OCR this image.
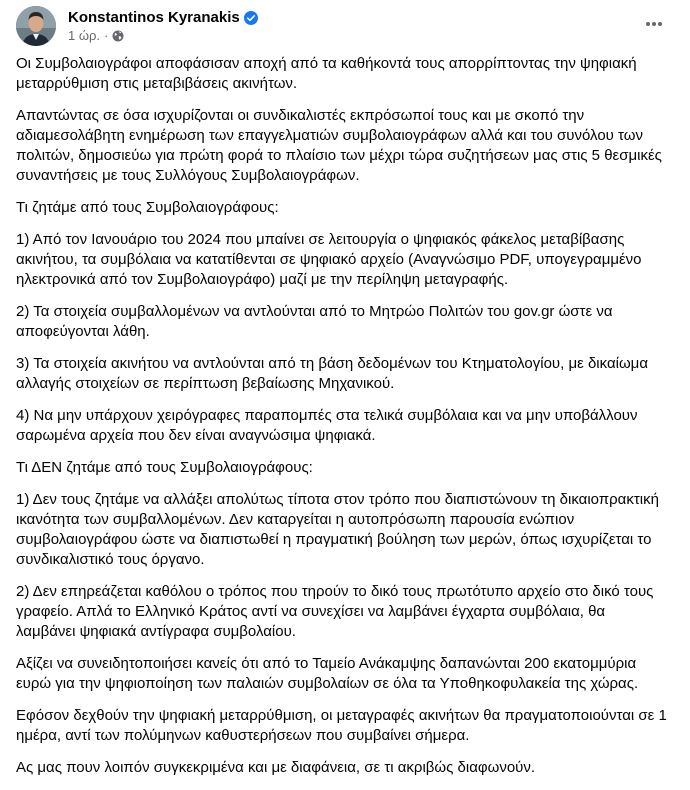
Konstantinos Kyranakis
1 ώρ. ·

Οι Συμβολαιογράφοι αποφάσισαν αποχή από τα καθήκοντά τους απορρίπτοντας την ψηφιακή μεταρρύθμιση στις μεταβιβάσεις ακινήτων.

Απαντώντας σε όσα ισχυρίζονται οι συνδικαλιστές εκπρόσωποί τους και με σκοπό την αδιαμεσολάβητη ενημέρωση των επαγγελματιών συμβολαιογράφων αλλά και του συνόλου των πολιτών, δημοσιεύω για πρώτη φορά το πλαίσιο των μέχρι τώρα συζητήσεων μας στις 5 θεσμικές συναντήσεις με τους Συλλόγους Συμβολαιογράφων.

Τι ζητάμε από τους Συμβολαιογράφους:

1) Από τον Ιανουάριο του 2024 που μπαίνει σε λειτουργία ο ψηφιακός φάκελος μεταβίβασης ακινήτου, τα συμβόλαια να κατατίθενται σε ψηφιακό αρχείο (Αναγνώσιμο PDF, υπογεγραμμένο ηλεκτρονικά από τον Συμβολαιογράφο) μαζί με την περίληψη μεταγραφής.

2) Τα στοιχεία συμβαλλομένων να αντλούνται από το Μητρώο Πολιτών του gov.gr ώστε να αποφεύγονται λάθη.

3) Τα στοιχεία ακινήτου να αντλούνται από τη βάση δεδομένων του Κτηματολογίου, με δικαίωμα αλλαγής στοιχείων σε περίπτωση βεβαίωσης Μηχανικού.

4) Να μην υπάρχουν χειρόγραφες παραπομπές στα τελικά συμβόλαια και να μην υποβάλλουν σαρωμένα αρχεία που δεν είναι αναγνώσιμα ψηφιακά.

Τι ΔΕΝ ζητάμε από τους Συμβολαιογράφους:

1) Δεν τους ζητάμε να αλλάξει απολύτως τίποτα στον τρόπο που διαπιστώνουν τη δικαιοπρακτική ικανότητα των συμβαλλομένων. Δεν καταργείται η αυτοπρόσωπη παρουσία ενώπιον συμβολαιογράφου ώστε να διαπιστωθεί η πραγματική βούληση των μερών, όπως ισχυρίζεται το συνδικαλιστικό τους όργανο.

2) Δεν επηρεάζεται καθόλου ο τρόπος που τηρούν το δικό τους πρωτότυπο αρχείο στο δικό τους γραφείο. Απλά το Ελληνικό Κράτος αντί να συνεχίσει να λαμβάνει έγχαρτα συμβόλαια, θα λαμβάνει ψηφιακά αντίγραφα συμβολαίου.

Αξίζει να συνειδητοποιήσει κανείς ότι από το Ταμείο Ανάκαμψης δαπανώνται 200 εκατομμύρια ευρώ για την ψηφιοποίηση των παλαιών συμβολαίων σε όλα τα Υποθηκοφυλακεία της χώρας.

Εφόσον δεχθούν την ψηφιακή μεταρρύθμιση, οι μεταγραφές ακινήτων θα πραγματοποιούνται σε 1 ημέρα, αντί των πολύμηνων καθυστερήσεων που συμβαίνει σήμερα.

Ας μας πουν λοιπόν συγκεκριμένα και με διαφάνεια, σε τι ακριβώς διαφωνούν.
